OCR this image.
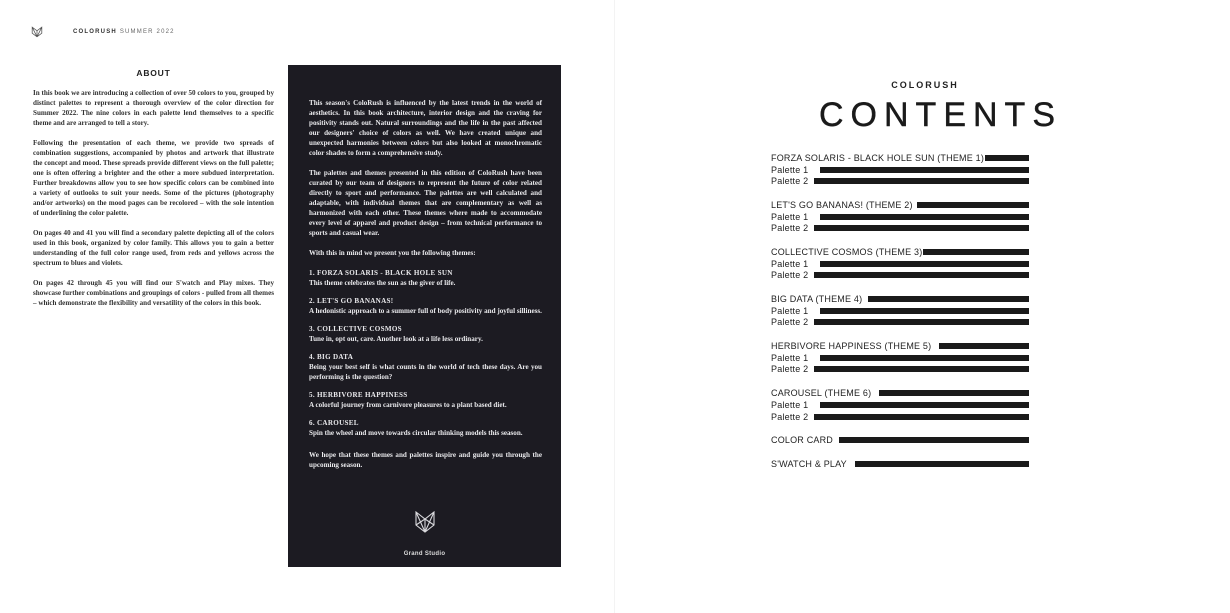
COLORUSH SUMMER 2022
ABOUT

In this book we are introducing a collection of over 50 colors to you, grouped by distinct palettes to represent a thorough overview of the color direction for Summer 2022. The nine colors in each palette lend themselves to a specific theme and are arranged to tell a story.

Following the presentation of each theme, we provide two spreads of combination suggestions, accompanied by photos and artwork that illustrate the concept and mood. These spreads provide different views on the full palette; one is often offering a brighter and the other a more subdued interpretation. Further breakdowns allow you to see how specific colors can be combined into a variety of outlooks to suit your needs. Some of the pictures (photography and/or artworks) on the mood pages can be recolored – with the sole intention of underlining the color palette.

On pages 40 and 41 you will find a secondary palette depicting all of the colors used in this book, organized by color family. This allows you to gain a better understanding of the full color range used, from reds and yellows across the spectrum to blues and violets.

On pages 42 through 45 you will find our S'watch and Play mixes. They showcase further combinations and groupings of colors - pulled from all themes – which demonstrate the flexibility and versatility of the colors in this book.

This season's ColoRush is influenced by the latest trends in the world of aesthetics. In this book architecture, interior design and the craving for positivity stands out. Natural surroundings and the life in the past affected our designers' choice of colors as well. We have created unique and unexpected harmonies between colors but also looked at monochromatic color shades to form a comprehensive study.

The palettes and themes presented in this edition of ColoRush have been curated by our team of designers to represent the future of color related directly to sport and performance. The palettes are well calculated and adaptable, with individual themes that are complementary as well as harmonized with each other. These themes where made to accommodate every level of apparel and product design – from technical performance to sports and casual wear.

With this in mind we present you the following themes:

1. FORZA SOLARIS - BLACK HOLE SUN
This theme celebrates the sun as the giver of life.
2. LET'S GO BANANAS!
A hedonistic approach to a summer full of body positivity and joyful silliness.
3. COLLECTIVE COSMOS
Tune in, opt out, care. Another look at a life less ordinary.
4. BIG DATA
Being your best self is what counts in the world of tech these days. Are you performing is the question?
5. HERBIVORE HAPPINESS
A colorful journey from carnivore pleasures to a plant based diet.
6. CAROUSEL
Spin the wheel and move towards circular thinking models this season.

We hope that these themes and palettes inspire and guide you through the upcoming season.

Grand Studio
COLORUSH
CONTENTS
FORZA SOLARIS - BLACK HOLE SUN (THEME 1)
Palette 1
Palette 2
LET'S GO BANANAS! (THEME 2)
Palette 1
Palette 2
COLLECTIVE COSMOS (THEME 3)
Palette 1
Palette 2
BIG DATA (THEME 4)
Palette 1
Palette 2
HERBIVORE HAPPINESS (THEME 5)
Palette 1
Palette 2
CAROUSEL (THEME 6)
Palette 1
Palette 2
COLOR CARD
S'WATCH & PLAY
